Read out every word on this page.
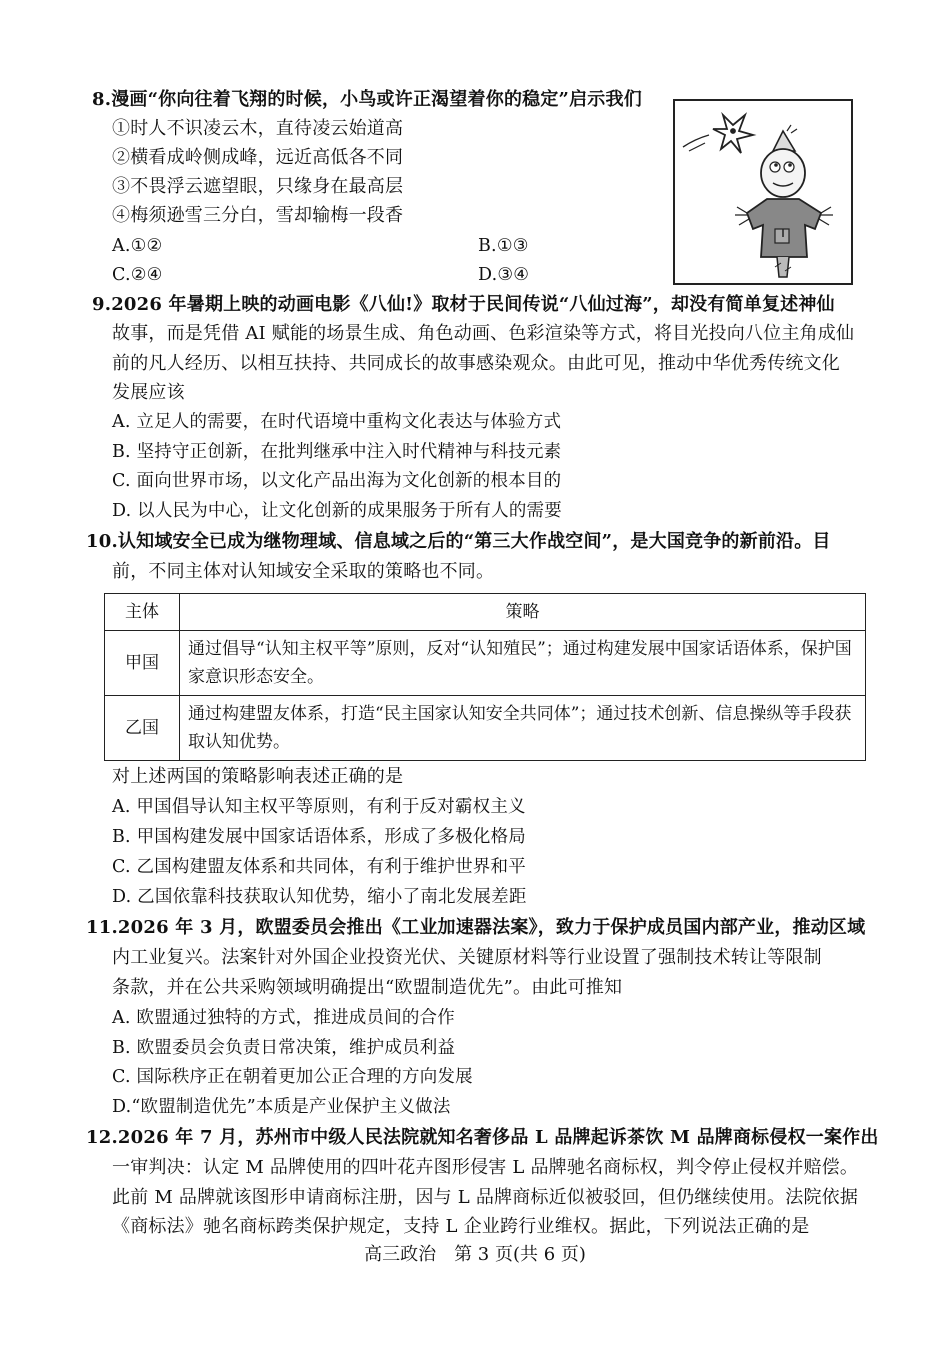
8.漫画“你向往着飞翔的时候，小鸟或许正渴望着你的稳定”启示我们
①时人不识凌云木，直待凌云始道高
②横看成岭侧成峰，远近高低各不同
③不畏浮云遮望眼，只缘身在最高层
④梅须逊雪三分白，雪却输梅一段香
A.①②	B.①③
C.②④	D.③④
9.2026 年暑期上映的动画电影《八仙!》取材于民间传说“八仙过海”，却没有简单复述神仙
故事，而是凭借 AI 赋能的场景生成、角色动画、色彩渲染等方式，将目光投向八位主角成仙
前的凡人经历、以相互扶持、共同成长的故事感染观众。由此可见，推动中华优秀传统文化
发展应该
A. 立足人的需要，在时代语境中重构文化表达与体验方式
B. 坚持守正创新，在批判继承中注入时代精神与科技元素
C. 面向世界市场，以文化产品出海为文化创新的根本目的
D. 以人民为中心，让文化创新的成果服务于所有人的需要
10.认知域安全已成为继物理域、信息域之后的“第三大作战空间”，是大国竞争的新前沿。目
前，不同主体对认知域安全采取的策略也不同。
主体	策略
甲国	通过倡导“认知主权平等”原则，反对“认知殖民”；通过构建发展中国家话语体系，保护国家意识形态安全。
乙国	通过构建盟友体系，打造“民主国家认知安全共同体”；通过技术创新、信息操纵等手段获取认知优势。
对上述两国的策略影响表述正确的是
A. 甲国倡导认知主权平等原则，有利于反对霸权主义
B. 甲国构建发展中国家话语体系，形成了多极化格局
C. 乙国构建盟友体系和共同体，有利于维护世界和平
D. 乙国依靠科技获取认知优势，缩小了南北发展差距
11.2026 年 3 月，欧盟委员会推出《工业加速器法案》，致力于保护成员国内部产业，推动区域
内工业复兴。法案针对外国企业投资光伏、关键原材料等行业设置了强制技术转让等限制
条款，并在公共采购领域明确提出“欧盟制造优先”。由此可推知
A. 欧盟通过独特的方式，推进成员间的合作
B. 欧盟委员会负责日常决策，维护成员利益
C. 国际秩序正在朝着更加公正合理的方向发展
D.“欧盟制造优先”本质是产业保护主义做法
12.2026 年 7 月，苏州市中级人民法院就知名奢侈品 L 品牌起诉茶饮 M 品牌商标侵权一案作出
一审判决：认定 M 品牌使用的四叶花卉图形侵害 L 品牌驰名商标权，判令停止侵权并赔偿。
此前 M 品牌就该图形申请商标注册，因与 L 品牌商标近似被驳回，但仍继续使用。法院依据
《商标法》驰名商标跨类保护规定，支持 L 企业跨行业维权。据此，下列说法正确的是
高三政治　第 3 页(共 6 页)
